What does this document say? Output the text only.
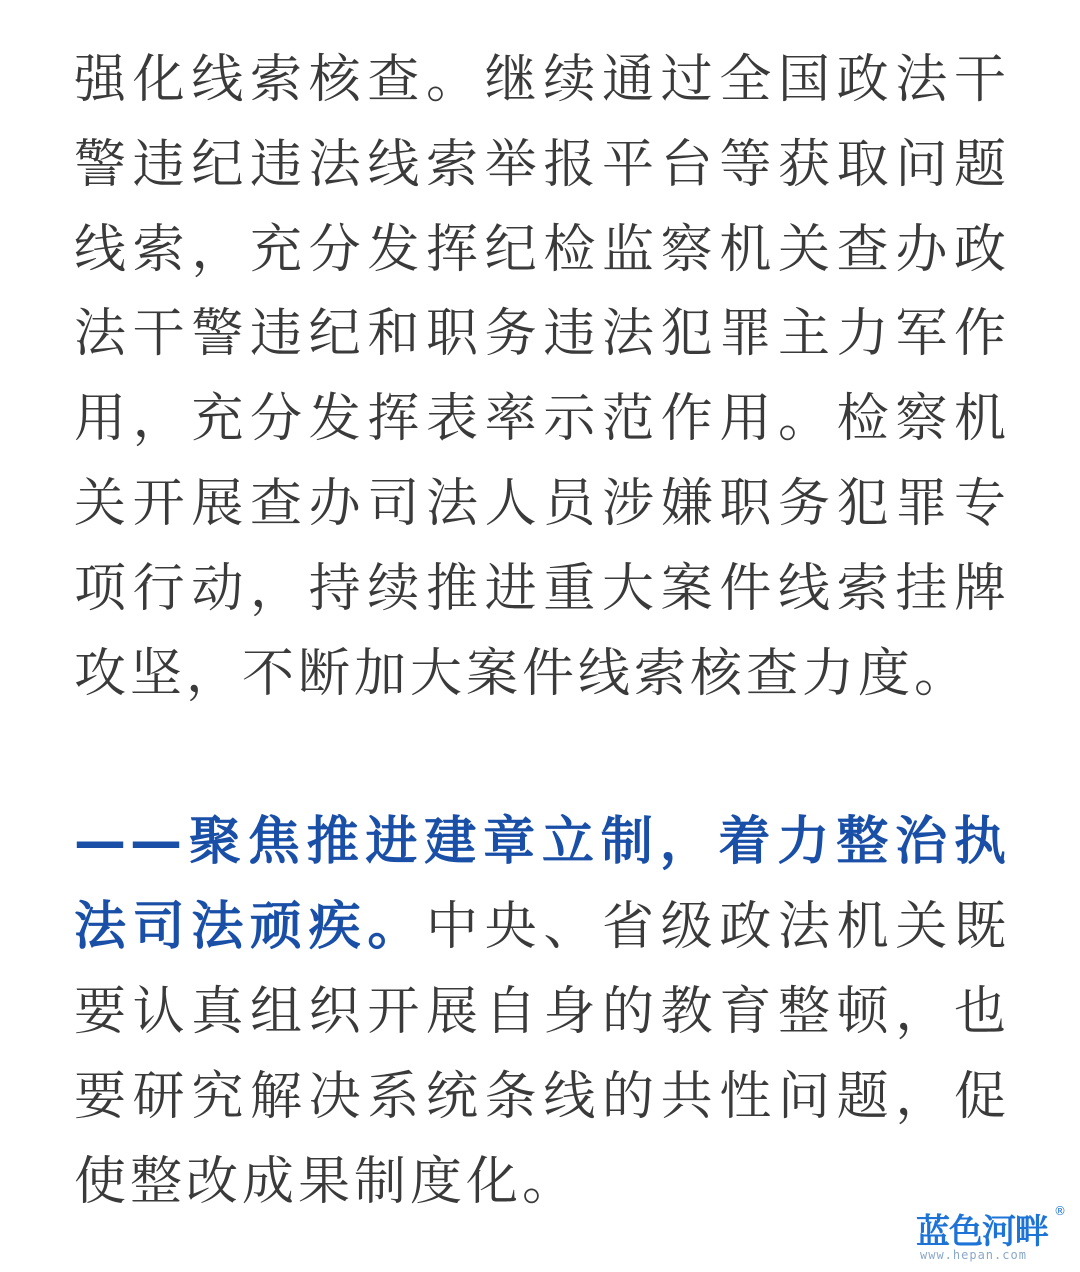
强化线索核查。继续通过全国政法干警违纪违法线索举报平台等获取问题线索，充分发挥纪检监察机关查办政法干警违纪和职务违法犯罪主力军作用，充分发挥表率示范作用。检察机关开展查办司法人员涉嫌职务犯罪专项行动，持续推进重大案件线索挂牌攻坚，不断加大案件线索核查力度。

——聚焦推进建章立制，着力整治执法司法顽疾。中央、省级政法机关既要认真组织开展自身的教育整顿，也要研究解决系统条线的共性问题，促使整改成果制度化。

蓝色河畔
®
www.hepan.com
